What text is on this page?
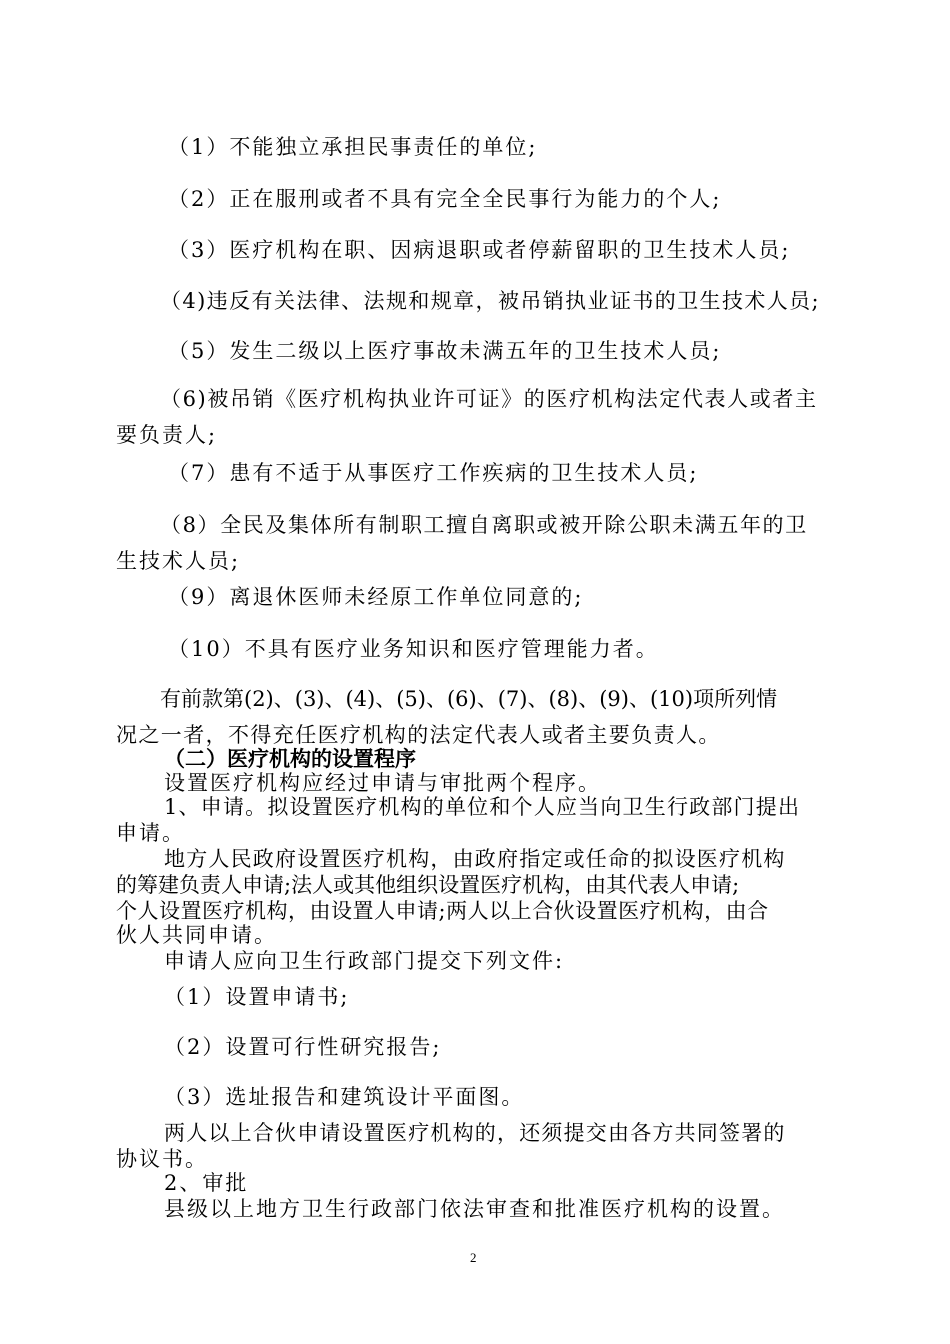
（1）不能独立承担民事责任的单位;
（2）正在服刑或者不具有完全全民事行为能力的个人;
（3）医疗机构在职、因病退职或者停薪留职的卫生技术人员;
（4)违反有关法律、法规和规章，被吊销执业证书的卫生技术人员;
（5）发生二级以上医疗事故未满五年的卫生技术人员;
（6)被吊销《医疗机构执业许可证》的医疗机构法定代表人或者主
要负责人;
（7）患有不适于从事医疗工作疾病的卫生技术人员;
（8）全民及集体所有制职工擅自离职或被开除公职未满五年的卫
生技术人员;
（9）离退休医师未经原工作单位同意的;
（10）不具有医疗业务知识和医疗管理能力者。
有前款第(2)、(3)、(4)、(5)、(6)、(7)、(8)、(9)、(10)项所列情
况之一者，不得充任医疗机构的法定代表人或者主要负责人。
（二）医疗机构的设置程序
设置医疗机构应经过申请与审批两个程序。
1、申请。拟设置医疗机构的单位和个人应当向卫生行政部门提出
申请。
地方人民政府设置医疗机构，由政府指定或任命的拟设医疗机构
的筹建负责人申请;法人或其他组织设置医疗机构，由其代表人申请;
个人设置医疗机构，由设置人申请;两人以上合伙设置医疗机构，由合
伙人共同申请。
申请人应向卫生行政部门提交下列文件:
（1）设置申请书;
（2）设置可行性研究报告;
（3）选址报告和建筑设计平面图。
两人以上合伙申请设置医疗机构的，还须提交由各方共同签署的
协议书。
2、审批
县级以上地方卫生行政部门依法审查和批准医疗机构的设置。
2
